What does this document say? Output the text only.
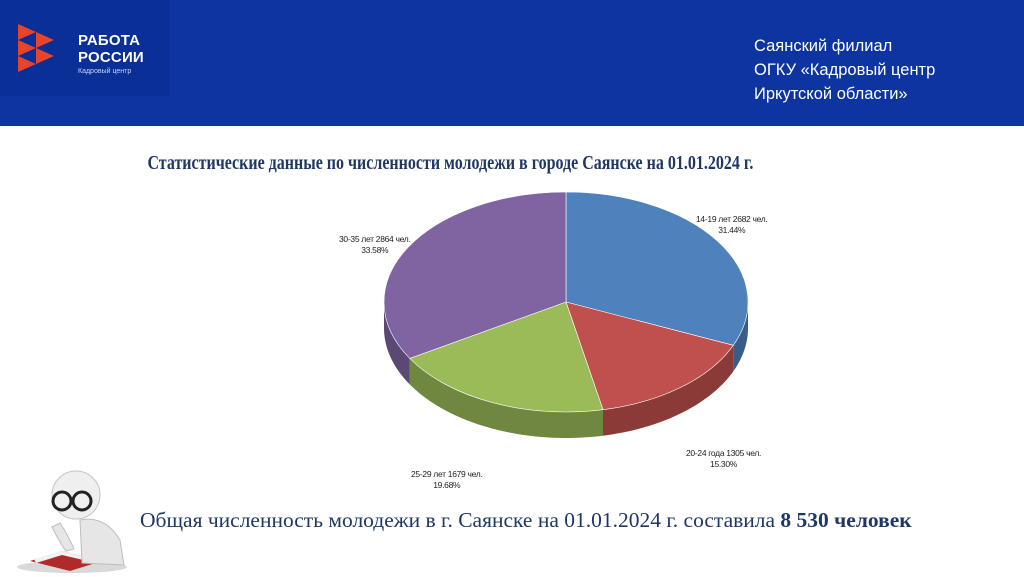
РАБОТА
РОССИИ
Кадровый центр
Саянский филиал
ОГКУ «Кадровый центр
Иркутской области»
Статистические данные по численности молодежи в городе Саянске на 01.01.2024 г.
14-19 лет 2682 чел.
31.44%
20-24 года 1305 чел.
15.30%
25-29 лет 1679 чел.
19.68%
30-35 лет 2864 чел.
33.58%
Общая численность молодежи в г. Саянске на 01.01.2024 г. составила 8 530 человек
